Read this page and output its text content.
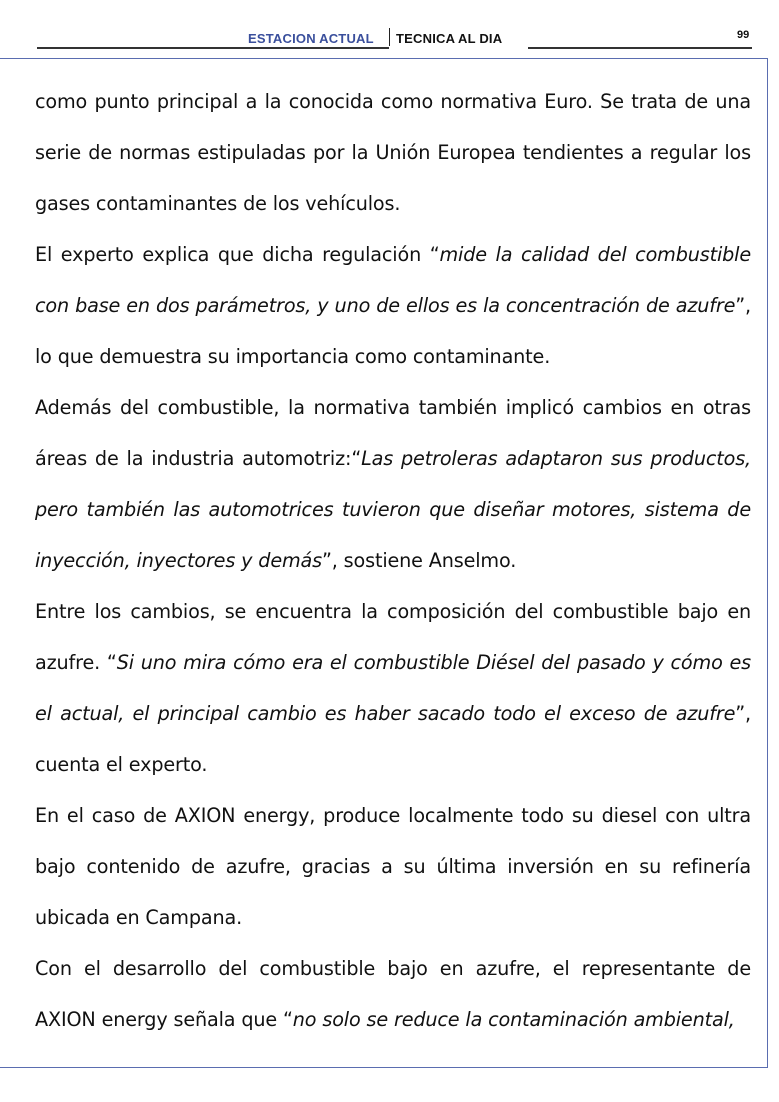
ESTACION ACTUAL TECNICA AL DIA	99

como punto principal a la conocida como normativa Euro. Se trata de una serie de normas estipuladas por la Unión Europea tendientes a regular los gases contaminantes de los vehículos.

El experto explica que dicha regulación “mide la calidad del combustible con base en dos parámetros, y uno de ellos es la concentración de azufre”, lo que demuestra su importancia como contaminante.

Además del combustible, la normativa también implicó cambios en otras áreas de la industria automotriz:“Las petroleras adaptaron sus productos, pero también las automotrices tuvieron que diseñar motores, sistema de inyección, inyectores y demás”, sostiene Anselmo.

Entre los cambios, se encuentra la composición del combustible bajo en azufre. “Si uno mira cómo era el combustible Diésel del pasado y cómo es el actual, el principal cambio es haber sacado todo el exceso de azufre”, cuenta el experto.

En el caso de AXION energy, produce localmente todo su diesel con ultra bajo contenido de azufre, gracias a su última inversión en su refinería ubicada en Campana.

Con el desarrollo del combustible bajo en azufre, el representante de AXION energy señala que “no solo se reduce la contaminación ambiental,
